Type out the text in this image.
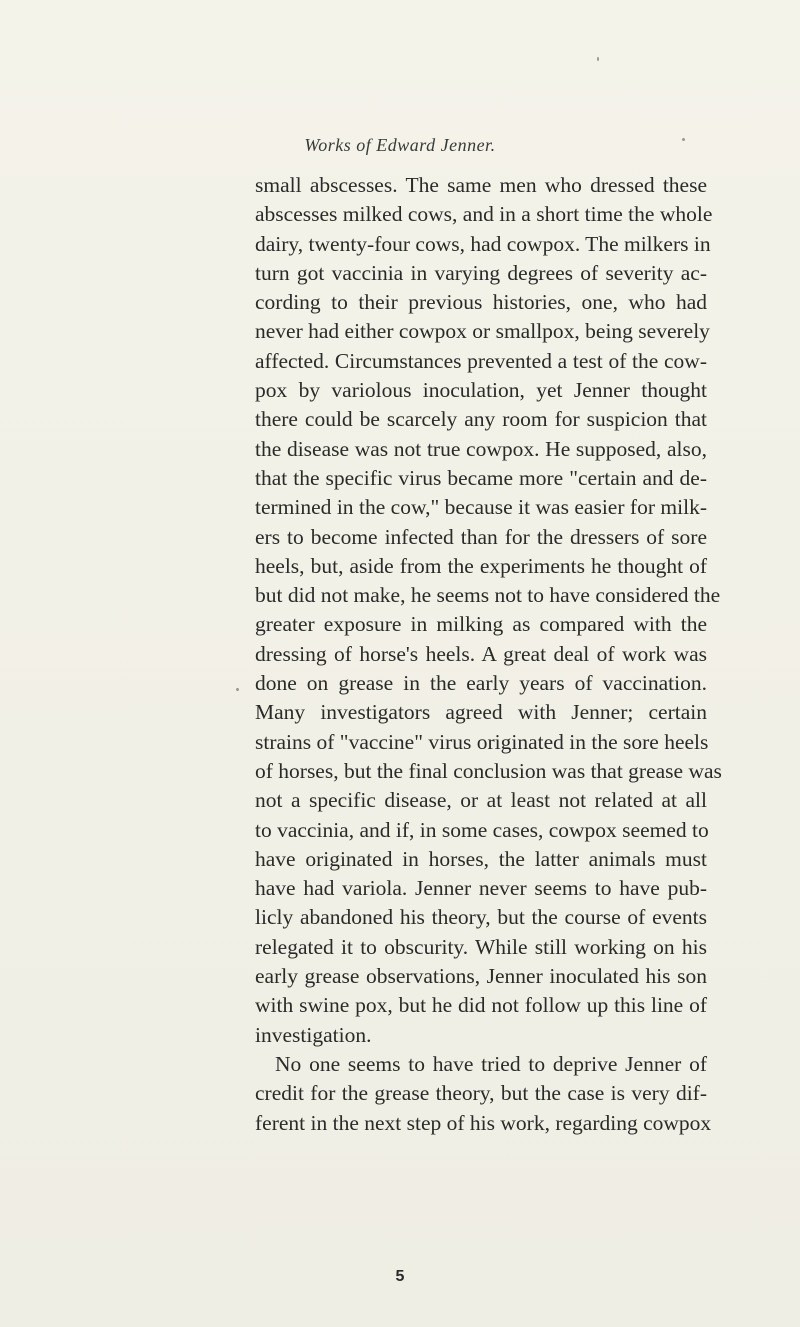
Works of Edward Jenner.
small abscesses. The same men who dressed these
abscesses milked cows, and in a short time the whole
dairy, twenty-four cows, had cowpox. The milkers in
turn got vaccinia in varying degrees of severity ac-
cording to their previous histories, one, who had
never had either cowpox or smallpox, being severely
affected. Circumstances prevented a test of the cow-
pox by variolous inoculation, yet Jenner thought
there could be scarcely any room for suspicion that
the disease was not true cowpox. He supposed, also,
that the specific virus became more "certain and de-
termined in the cow," because it was easier for milk-
ers to become infected than for the dressers of sore
heels, but, aside from the experiments he thought of
but did not make, he seems not to have considered the
greater exposure in milking as compared with the
dressing of horse's heels. A great deal of work was
done on grease in the early years of vaccination.
Many investigators agreed with Jenner; certain
strains of "vaccine" virus originated in the sore heels
of horses, but the final conclusion was that grease was
not a specific disease, or at least not related at all
to vaccinia, and if, in some cases, cowpox seemed to
have originated in horses, the latter animals must
have had variola. Jenner never seems to have pub-
licly abandoned his theory, but the course of events
relegated it to obscurity. While still working on his
early grease observations, Jenner inoculated his son
with swine pox, but he did not follow up this line of
investigation.
No one seems to have tried to deprive Jenner of
credit for the grease theory, but the case is very dif-
ferent in the next step of his work, regarding cowpox
5
